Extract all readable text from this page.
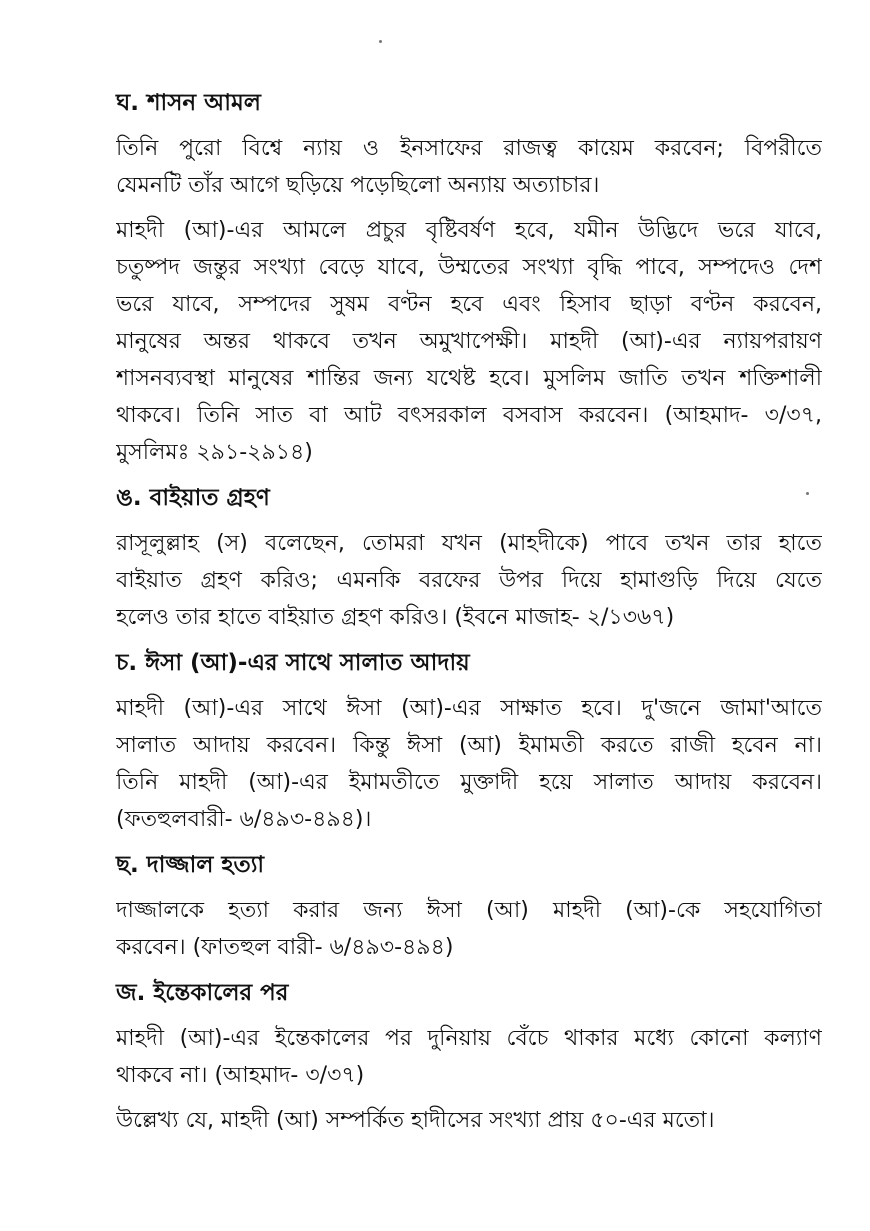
ঘ. শাসন আমল
তিনি পুরো বিশ্বে ন্যায় ও ইনসাফের রাজত্ব কায়েম করবেন; বিপরীতে
যেমনটি তাঁর আগে ছড়িয়ে পড়েছিলো অন্যায় অত্যাচার।
মাহদী (আ)-এর আমলে প্রচুর বৃষ্টিবর্ষণ হবে, যমীন উদ্ভিদে ভরে যাবে,
চতুষ্পদ জন্তুর সংখ্যা বেড়ে যাবে, উম্মতের সংখ্যা বৃদ্ধি পাবে, সম্পদেও দেশ
ভরে যাবে, সম্পদের সুষম বণ্টন হবে এবং হিসাব ছাড়া বণ্টন করবেন,
মানুষের অন্তর থাকবে তখন অমুখাপেক্ষী। মাহদী (আ)-এর ন্যায়পরায়ণ
শাসনব্যবস্থা মানুষের শান্তির জন্য যথেষ্ট হবে। মুসলিম জাতি তখন শক্তিশালী
থাকবে। তিনি সাত বা আট বৎসরকাল বসবাস করবেন। (আহমাদ- ৩/৩৭,
মুসলিমঃ ২৯১-২৯১৪)
ঙ. বাইয়াত গ্রহণ
রাসূলুল্লাহ (স) বলেছেন, তোমরা যখন (মাহদীকে) পাবে তখন তার হাতে
বাইয়াত গ্রহণ করিও; এমনকি বরফের উপর দিয়ে হামাগুড়ি দিয়ে যেতে
হলেও তার হাতে বাইয়াত গ্রহণ করিও। (ইবনে মাজাহ- ২/১৩৬৭)
চ. ঈসা (আ)-এর সাথে সালাত আদায়
মাহদী (আ)-এর সাথে ঈসা (আ)-এর সাক্ষাত হবে। দু'জনে জামা'আতে
সালাত আদায় করবেন। কিন্তু ঈসা (আ) ইমামতী করতে রাজী হবেন না।
তিনি মাহদী (আ)-এর ইমামতীতে মুক্তাদী হয়ে সালাত আদায় করবেন।
(ফতহুলবারী- ৬/৪৯৩-৪৯৪)।
ছ. দাজ্জাল হত্যা
দাজ্জালকে হত্যা করার জন্য ঈসা (আ) মাহদী (আ)-কে সহযোগিতা
করবেন। (ফাতহুল বারী- ৬/৪৯৩-৪৯৪)
জ. ইন্তেকালের পর
মাহদী (আ)-এর ইন্তেকালের পর দুনিয়ায় বেঁচে থাকার মধ্যে কোনো কল্যাণ
থাকবে না। (আহমাদ- ৩/৩৭)
উল্লেখ্য যে, মাহদী (আ) সম্পর্কিত হাদীসের সংখ্যা প্রায় ৫০-এর মতো।
